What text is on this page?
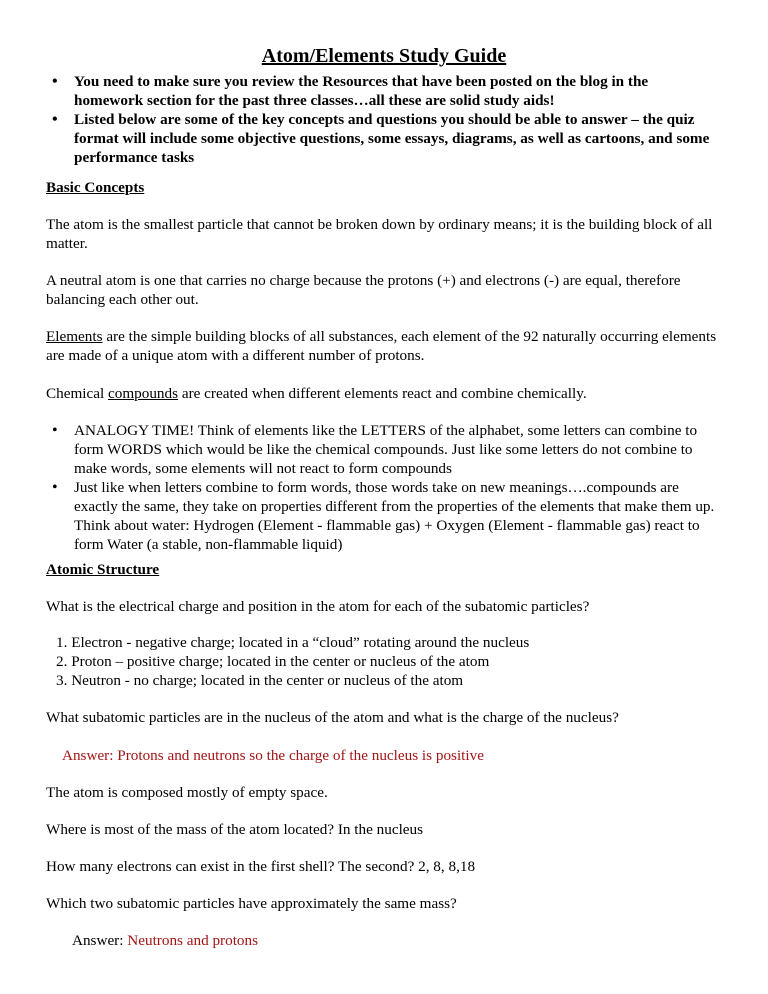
Atom/Elements Study Guide
• You need to make sure you review the Resources that have been posted on the blog in the homework section for the past three classes…all these are solid study aids!
• Listed below are some of the key concepts and questions you should be able to answer – the quiz format will include some objective questions, some essays, diagrams, as well as cartoons, and some performance tasks
Basic Concepts
The atom is the smallest particle that cannot be broken down by ordinary means; it is the building block of all matter.
A neutral atom is one that carries no charge because the protons (+) and electrons (-) are equal, therefore balancing each other out.
Elements are the simple building blocks of all substances, each element of the 92 naturally occurring elements are made of a unique atom with a different number of protons.
Chemical compounds are created when different elements react and combine chemically.
• ANALOGY TIME! Think of elements like the LETTERS of the alphabet, some letters can combine to form WORDS which would be like the chemical compounds. Just like some letters do not combine to make words, some elements will not react to form compounds
• Just like when letters combine to form words, those words take on new meanings….compounds are exactly the same, they take on properties different from the properties of the elements that make them up. Think about water: Hydrogen (Element - flammable gas) + Oxygen (Element - flammable gas) react to form Water (a stable, non-flammable liquid)
Atomic Structure
What is the electrical charge and position in the atom for each of the subatomic particles?
1. Electron - negative charge; located in a “cloud” rotating around the nucleus
2. Proton – positive charge; located in the center or nucleus of the atom
3. Neutron - no charge; located in the center or nucleus of the atom
What subatomic particles are in the nucleus of the atom and what is the charge of the nucleus?
Answer: Protons and neutrons so the charge of the nucleus is positive
The atom is composed mostly of empty space.
Where is most of the mass of the atom located? In the nucleus
How many electrons can exist in the first shell? The second? 2, 8, 8,18
Which two subatomic particles have approximately the same mass?
Answer: Neutrons and protons
